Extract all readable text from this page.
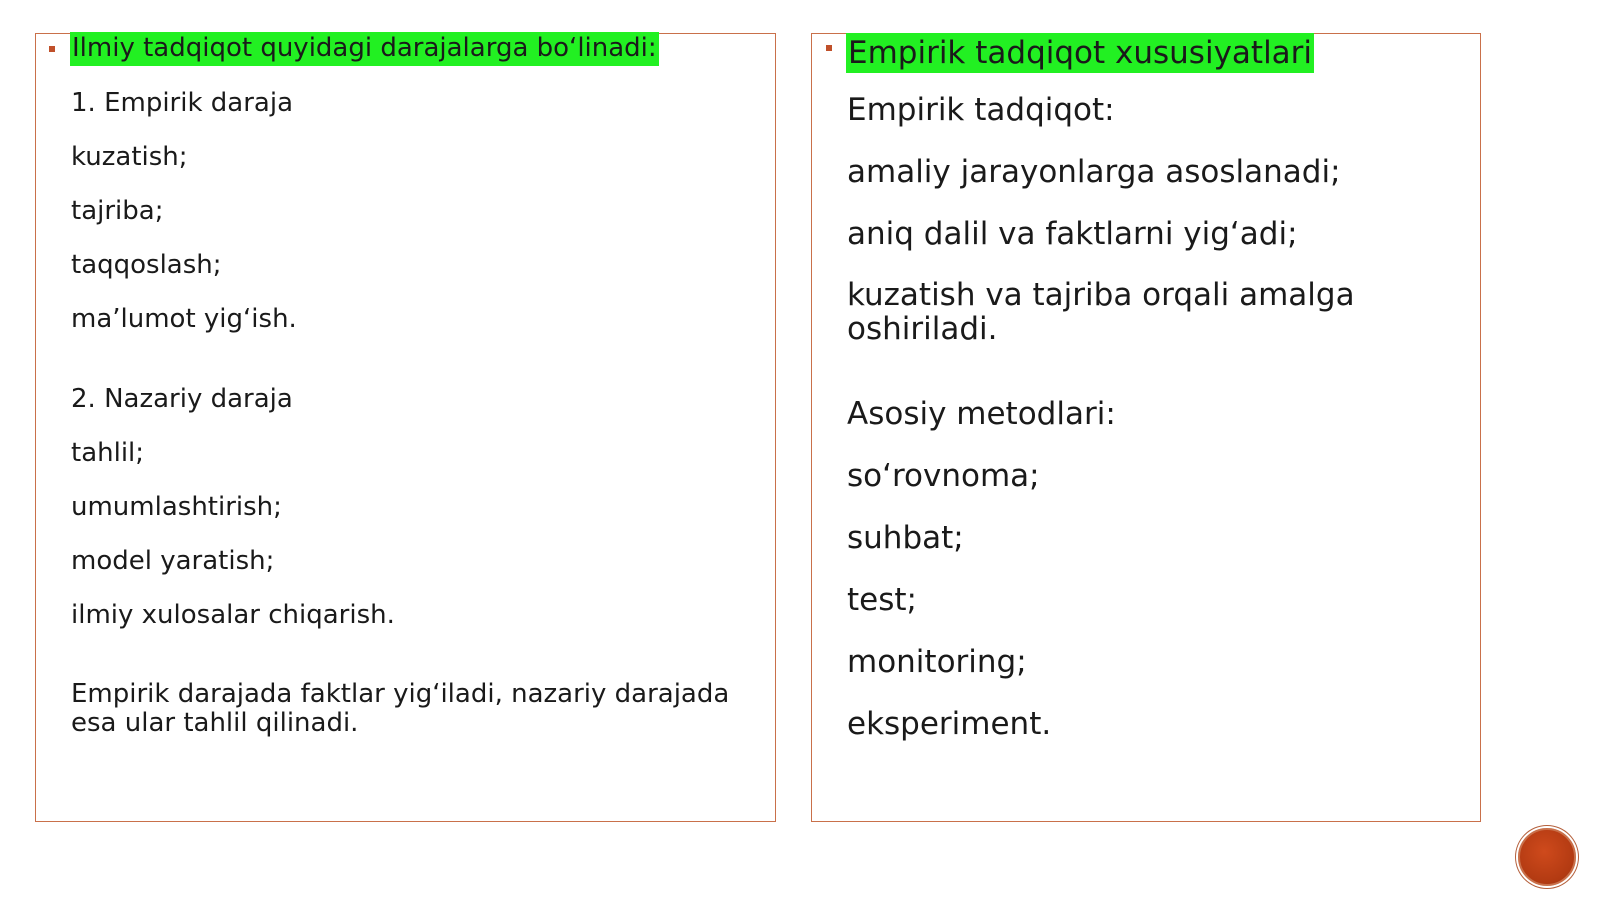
Ilmiy tadqiqot quyidagi darajalarga bo‘linadi:
1. Empirik daraja
kuzatish;
tajriba;
taqqoslash;
ma’lumot yig‘ish.
2. Nazariy daraja
tahlil;
umumlashtirish;
model yaratish;
ilmiy xulosalar chiqarish.
Empirik darajada faktlar yig‘iladi, nazariy darajada esa ular tahlil qilinadi.
Empirik tadqiqot xususiyatlari
Empirik tadqiqot:
amaliy jarayonlarga asoslanadi;
aniq dalil va faktlarni yig‘adi;
kuzatish va tajriba orqali amalga oshiriladi.
Asosiy metodlari:
so‘rovnoma;
suhbat;
test;
monitoring;
eksperiment.
